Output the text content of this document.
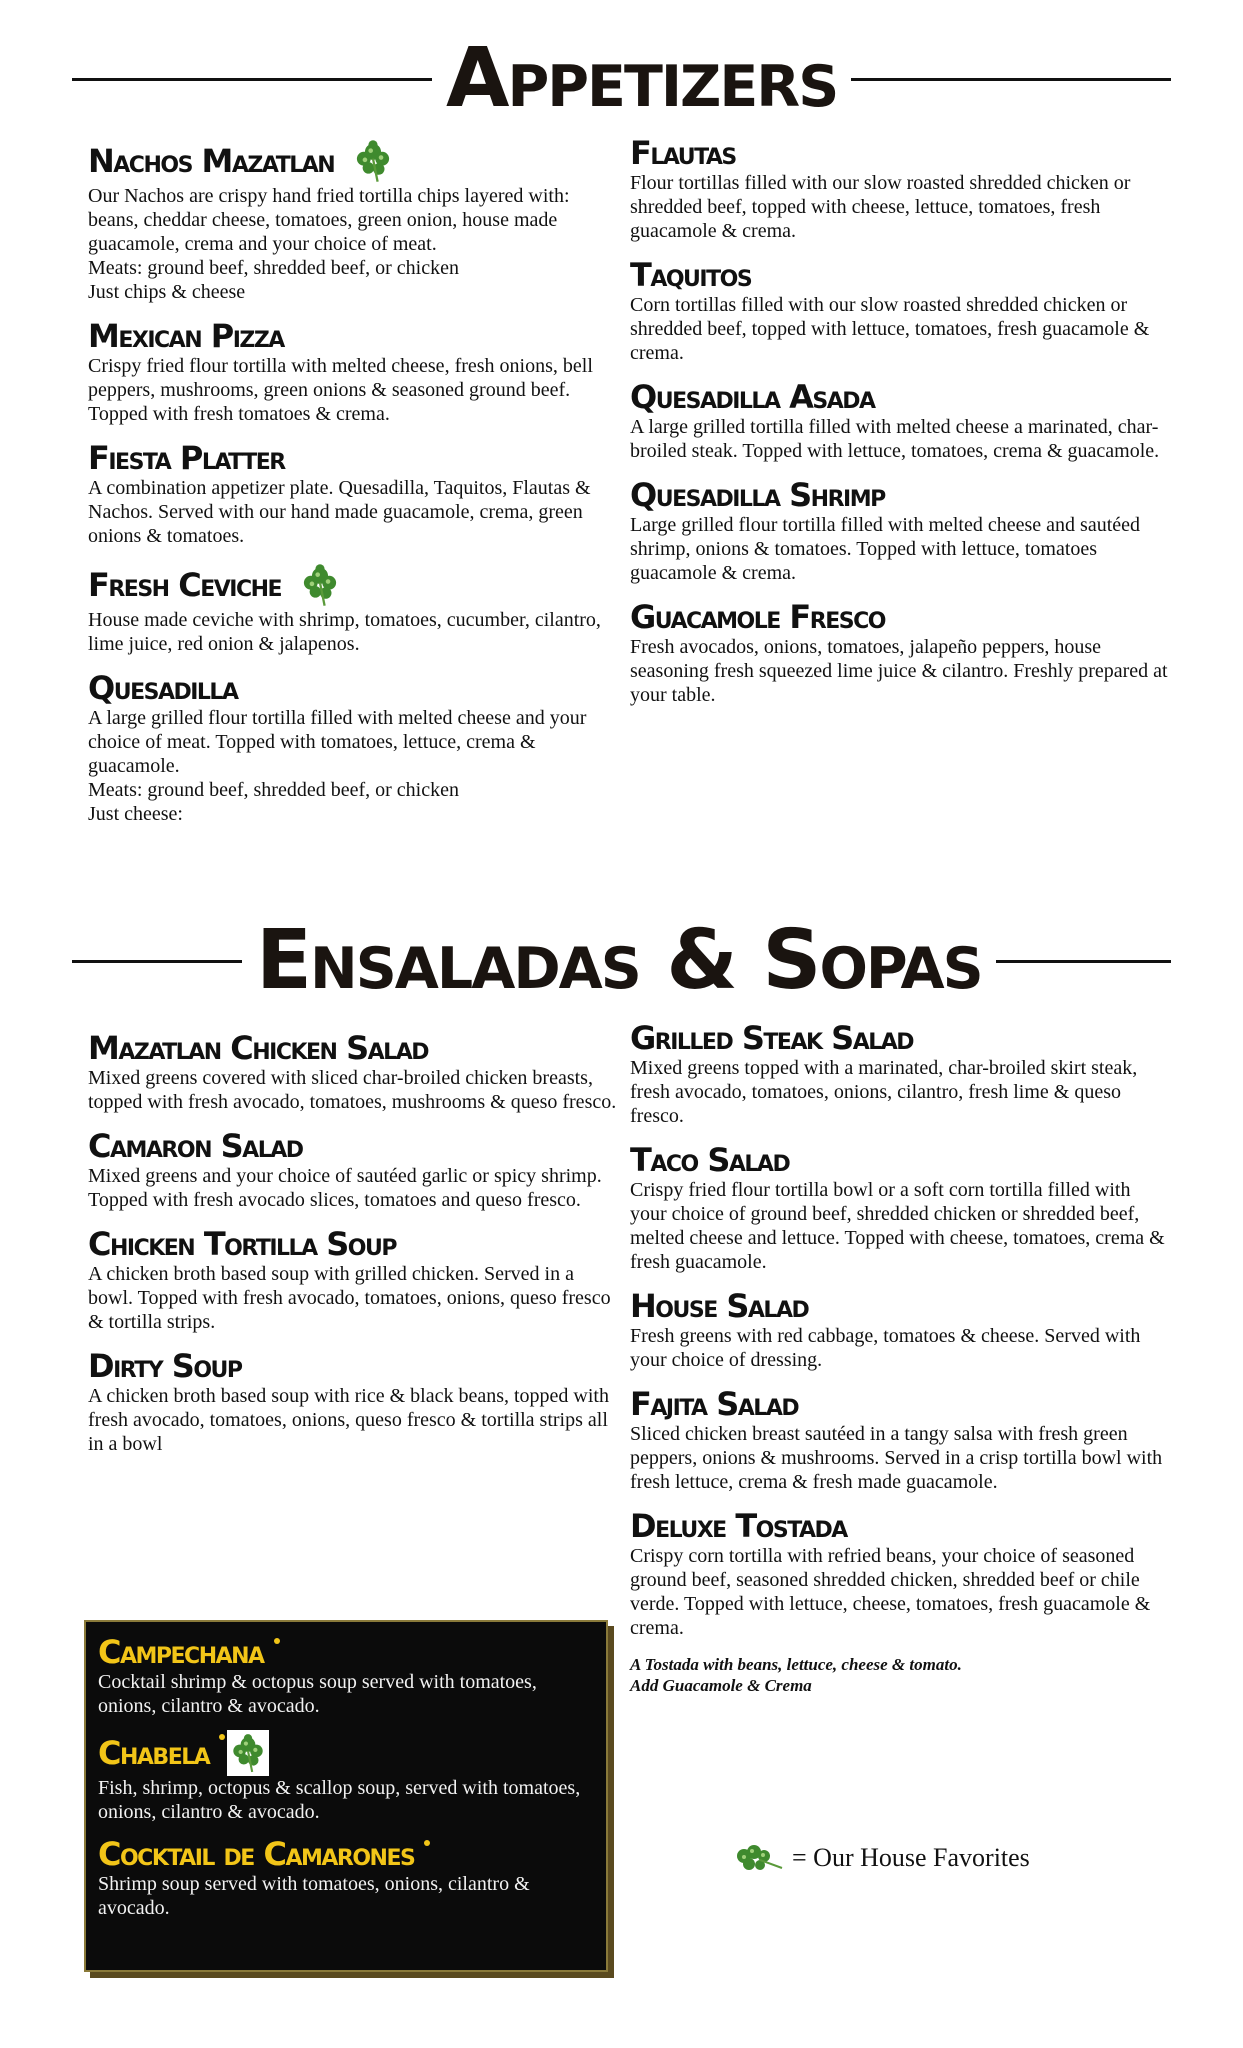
Appetizers
Nachos Mazatlan
Our Nachos are crispy hand fried tortilla chips layered with: beans, cheddar cheese, tomatoes, green onion, house made guacamole, crema and your choice of meat.
Meats: ground beef, shredded beef, or chicken
Just chips & cheese
Mexican Pizza
Crispy fried flour tortilla with melted cheese, fresh onions, bell peppers, mushrooms, green onions & seasoned ground beef. Topped with fresh tomatoes & crema.
Fiesta Platter
A combination appetizer plate. Quesadilla, Taquitos, Flautas & Nachos. Served with our hand made guacamole, crema, green onions & tomatoes.
Fresh Ceviche
House made ceviche with shrimp, tomatoes, cucumber, cilantro, lime juice, red onion & jalapenos.
Quesadilla
A large grilled flour tortilla filled with melted cheese and your choice of meat. Topped with tomatoes, lettuce, crema & guacamole.
Meats: ground beef, shredded beef, or chicken
Just cheese:
Flautas
Flour tortillas filled with our slow roasted shredded chicken or shredded beef, topped with cheese, lettuce, tomatoes, fresh guacamole & crema.
Taquitos
Corn tortillas filled with our slow roasted shredded chicken or shredded beef, topped with lettuce, tomatoes, fresh guacamole & crema.
Quesadilla Asada
A large grilled tortilla filled with melted cheese a marinated, char-broiled steak. Topped with lettuce, tomatoes, crema & guacamole.
Quesadilla Shrimp
Large grilled flour tortilla filled with melted cheese and sautéed shrimp, onions & tomatoes. Topped with lettuce, tomatoes guacamole & crema.
Guacamole Fresco
Fresh avocados, onions, tomatoes, jalapeño peppers, house seasoning fresh squeezed lime juice & cilantro. Freshly prepared at your table.
Ensaladas & Sopas
Mazatlan Chicken Salad
Mixed greens covered with sliced char-broiled chicken breasts, topped with fresh avocado, tomatoes, mushrooms & queso fresco.
Camaron Salad
Mixed greens and your choice of sautéed garlic or spicy shrimp. Topped with fresh avocado slices, tomatoes and queso fresco.
Chicken Tortilla Soup
A chicken broth based soup with grilled chicken. Served in a bowl. Topped with fresh avocado, tomatoes, onions, queso fresco & tortilla strips.
Dirty Soup
A chicken broth based soup with rice & black beans, topped with fresh avocado, tomatoes, onions, queso fresco & tortilla strips all in a bowl
Grilled Steak Salad
Mixed greens topped with a marinated, char-broiled skirt steak, fresh avocado, tomatoes, onions, cilantro, fresh lime & queso fresco.
Taco Salad
Crispy fried flour tortilla bowl or a soft corn tortilla filled with your choice of ground beef, shredded chicken or shredded beef, melted cheese and lettuce. Topped with cheese, tomatoes, crema & fresh guacamole.
House Salad
Fresh greens with red cabbage, tomatoes & cheese. Served with your choice of dressing.
Fajita Salad
Sliced chicken breast sautéed in a tangy salsa with fresh green peppers, onions & mushrooms. Served in a crisp tortilla bowl with fresh lettuce, crema & fresh made guacamole.
Deluxe Tostada
Crispy corn tortilla with refried beans, your choice of seasoned ground beef, seasoned shredded chicken, shredded beef or chile verde. Topped with lettuce, cheese, tomatoes, fresh guacamole & crema.
A Tostada with beans, lettuce, cheese & tomato.
Add Guacamole & Crema
Campechana
Cocktail shrimp & octopus soup served with tomatoes, onions, cilantro & avocado.
Chabela
Fish, shrimp, octopus & scallop soup, served with tomatoes, onions, cilantro & avocado.
Cocktail de Camarones
Shrimp soup served with tomatoes, onions, cilantro & avocado.
= Our House Favorites
